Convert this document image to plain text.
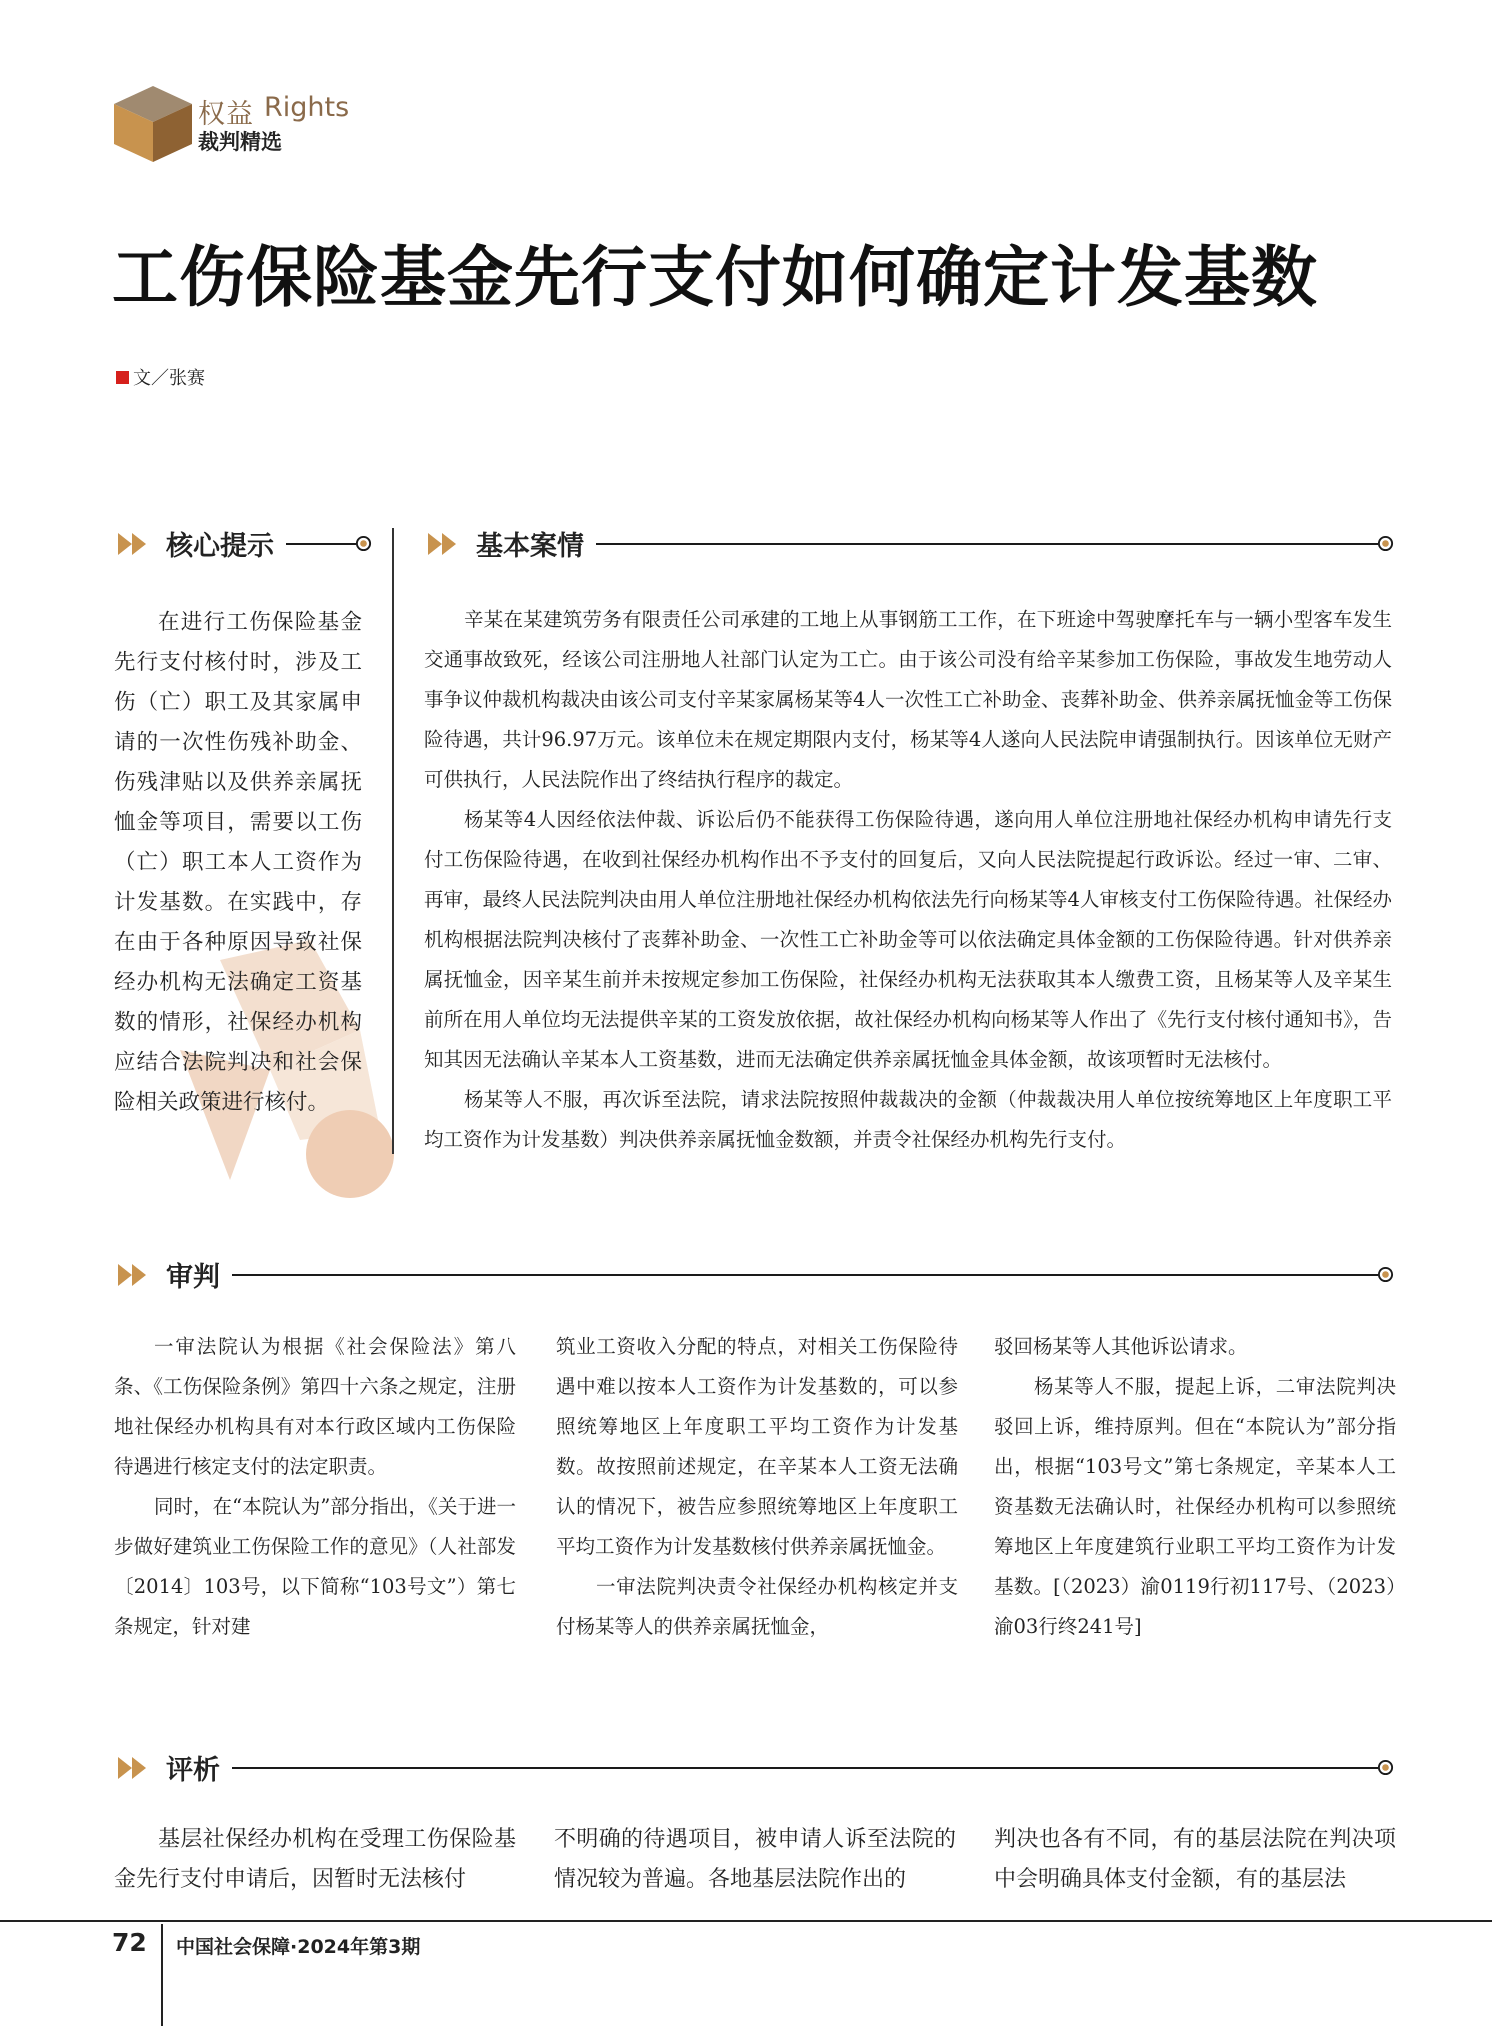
权益 Rights
裁判精选
工伤保险基金先行支付如何确定计发基数
文／张赛
核心提示	基本案情
在进行工伤保险基金先行支付核付时，涉及工伤（亡）职工及其家属申请的一次性伤残补助金、伤残津贴以及供养亲属抚恤金等项目，需要以工伤（亡）职工本人工资作为计发基数。在实践中，存在由于各种原因导致社保经办机构无法确定工资基数的情形，社保经办机构应结合法院判决和社会保险相关政策进行核付。

辛某在某建筑劳务有限责任公司承建的工地上从事钢筋工工作，在下班途中驾驶摩托车与一辆小型客车发生交通事故致死，经该公司注册地人社部门认定为工亡。由于该公司没有给辛某参加工伤保险，事故发生地劳动人事争议仲裁机构裁决由该公司支付辛某家属杨某等4人一次性工亡补助金、丧葬补助金、供养亲属抚恤金等工伤保险待遇，共计96.97万元。该单位未在规定期限内支付，杨某等4人遂向人民法院申请强制执行。因该单位无财产可供执行，人民法院作出了终结执行程序的裁定。

杨某等4人因经依法仲裁、诉讼后仍不能获得工伤保险待遇，遂向用人单位注册地社保经办机构申请先行支付工伤保险待遇，在收到社保经办机构作出不予支付的回复后，又向人民法院提起行政诉讼。经过一审、二审、再审，最终人民法院判决由用人单位注册地社保经办机构依法先行向杨某等4人审核支付工伤保险待遇。社保经办机构根据法院判决核付了丧葬补助金、一次性工亡补助金等可以依法确定具体金额的工伤保险待遇。针对供养亲属抚恤金，因辛某生前并未按规定参加工伤保险，社保经办机构无法获取其本人缴费工资，且杨某等人及辛某生前所在用人单位均无法提供辛某的工资发放依据，故社保经办机构向杨某等人作出了《先行支付核付通知书》，告知其因无法确认辛某本人工资基数，进而无法确定供养亲属抚恤金具体金额，故该项暂时无法核付。

杨某等人不服，再次诉至法院，请求法院按照仲裁裁决的金额（仲裁裁决用人单位按统筹地区上年度职工平均工资作为计发基数）判决供养亲属抚恤金数额，并责令社保经办机构先行支付。

审判

一审法院认为根据《社会保险法》第八条、《工伤保险条例》第四十六条之规定，注册地社保经办机构具有对本行政区域内工伤保险待遇进行核定支付的法定职责。

同时，在“本院认为”部分指出，《关于进一步做好建筑业工伤保险工作的意见》（人社部发〔2014〕103号，以下简称“103号文”）第七条规定，针对建

筑业工资收入分配的特点，对相关工伤保险待遇中难以按本人工资作为计发基数的，可以参照统筹地区上年度职工平均工资作为计发基数。故按照前述规定，在辛某本人工资无法确认的情况下，被告应参照统筹地区上年度职工平均工资作为计发基数核付供养亲属抚恤金。

一审法院判决责令社保经办机构核定并支付杨某等人的供养亲属抚恤金，

驳回杨某等人其他诉讼请求。

杨某等人不服，提起上诉，二审法院判决驳回上诉，维持原判。但在“本院认为”部分指出，根据“103号文”第七条规定，辛某本人工资基数无法确认时，社保经办机构可以参照统筹地区上年度建筑行业职工平均工资作为计发基数。[（2023）渝0119行初117号、（2023）渝03行终241号]

评析

基层社保经办机构在受理工伤保险基金先行支付申请后，因暂时无法核付

不明确的待遇项目，被申请人诉至法院的情况较为普遍。各地基层法院作出的

判决也各有不同，有的基层法院在判决项中会明确具体支付金额，有的基层法

72 中国社会保障·2024年第3期
